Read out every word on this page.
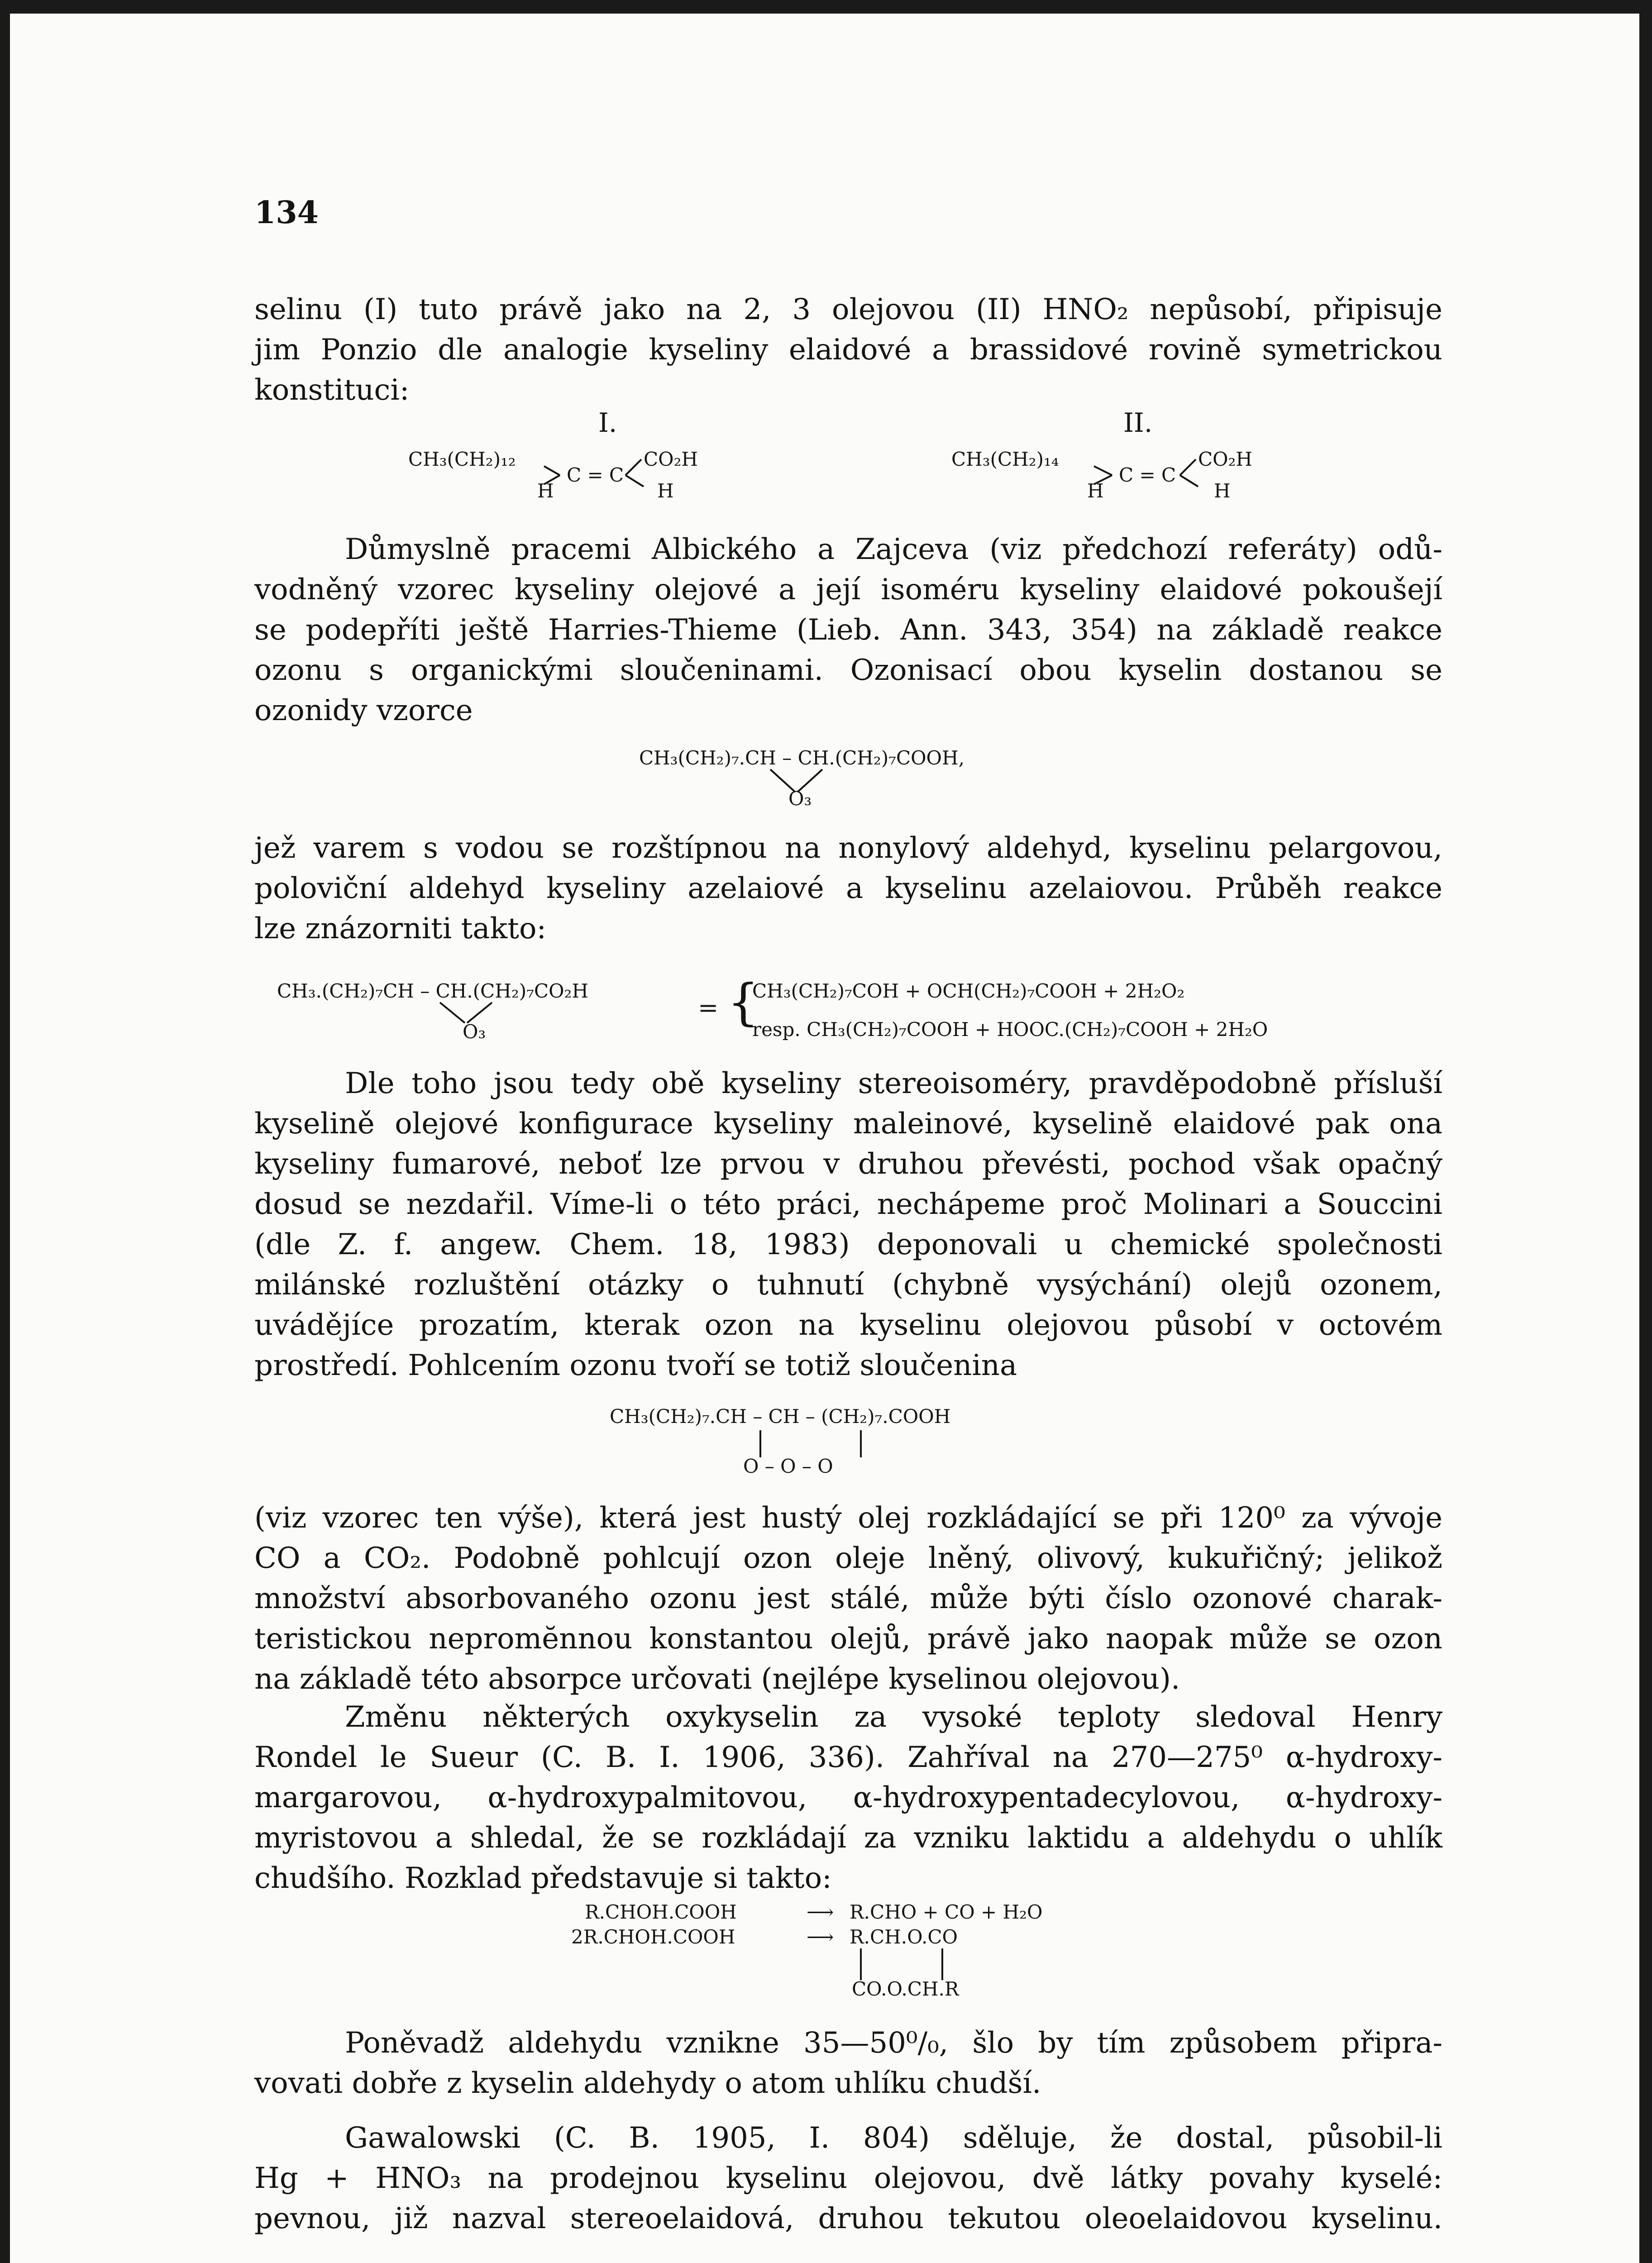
134
selinu (I) tuto právě jako na 2, 3 olejovou (II) HNO₂ nepůsobí, připisuje
jim Ponzio dle analogie kyseliny elaidové a brassidové rovině symetrickou
konstituci:
I.	II.
CH₃(CH₂)₁₂	CO₂H
C = C
H	H
CH₃(CH₂)₁₄	CO₂H
C = C
H	H
Důmyslně pracemi Albického a Zajceva (viz předchozí referáty) odů-
vodněný vzorec kyseliny olejové a její isoméru kyseliny elaidové pokoušejí
se podepříti ještě Harries-Thieme (Lieb. Ann. 343, 354) na základě reakce
ozonu s organickými sloučeninami. Ozonisací obou kyselin dostanou se
ozonidy vzorce
CH₃(CH₂)₇.CH – CH.(CH₂)₇COOH,
O₃
jež varem s vodou se rozštípnou na nonylový aldehyd, kyselinu pelargovou,
poloviční aldehyd kyseliny azelaiové a kyselinu azelaiovou. Průběh reakce
lze znázorniti takto:
CH₃.(CH₂)₇CH – CH.(CH₂)₇CO₂H
O₃
= {
CH₃(CH₂)₇COH + OCH(CH₂)₇COOH + 2H₂O₂
resp. CH₃(CH₂)₇COOH + HOOC.(CH₂)₇COOH + 2H₂O
Dle toho jsou tedy obě kyseliny stereoisoméry, pravděpodobně přísluší
kyselině olejové konfigurace kyseliny maleinové, kyselině elaidové pak ona
kyseliny fumarové, neboť lze prvou v druhou převésti, pochod však opačný
dosud se nezdařil. Víme-li o této práci, nechápeme proč Molinari a Souccini
(dle Z. f. angew. Chem. 18, 1983) deponovali u chemické společnosti
milánské rozluštění otázky o tuhnutí (chybně vysýchání) olejů ozonem,
uvádějíce prozatím, kterak ozon na kyselinu olejovou působí v octovém
prostředí. Pohlcením ozonu tvoří se totiž sloučenina
CH₃(CH₂)₇.CH – CH – (CH₂)₇.COOH
O – O – O
(viz vzorec ten výše), která jest hustý olej rozkládající se při 120⁰ za vývoje
CO a CO₂. Podobně pohlcují ozon oleje lněný, olivový, kukuřičný; jelikož
množství absorbovaného ozonu jest stálé, může býti číslo ozonové charak-
teristickou nepromĕnnou konstantou olejů, právě jako naopak může se ozon
na základě této absorpce určovati (nejlépe kyselinou olejovou).
Změnu některých oxykyselin za vysoké teploty sledoval Henry
Rondel le Sueur (C. B. I. 1906, 336). Zahříval na 270—275⁰ α-hydroxy-
margarovou, α-hydroxypalmitovou, α-hydroxypentadecylovou, α-hydroxy-
myristovou a shledal, že se rozkládají za vzniku laktidu a aldehydu o uhlík
chudšího. Rozklad představuje si takto:
R.CHOH.COOH	⟶ R.CHO + CO + H₂O
2R.CHOH.COOH	⟶ R.CH.O.CO
CO.O.CH.R
Poněvadž aldehydu vznikne 35—50⁰/₀, šlo by tím způsobem připra-
vovati dobře z kyselin aldehydy o atom uhlíku chudší.
Gawalowski (C. B. 1905, I. 804) sděluje, že dostal, působil-li
Hg + HNO₃ na prodejnou kyselinu olejovou, dvě látky povahy kyselé:
pevnou, již nazval stereoelaidová, druhou tekutou oleoelaidovou kyselinu.
